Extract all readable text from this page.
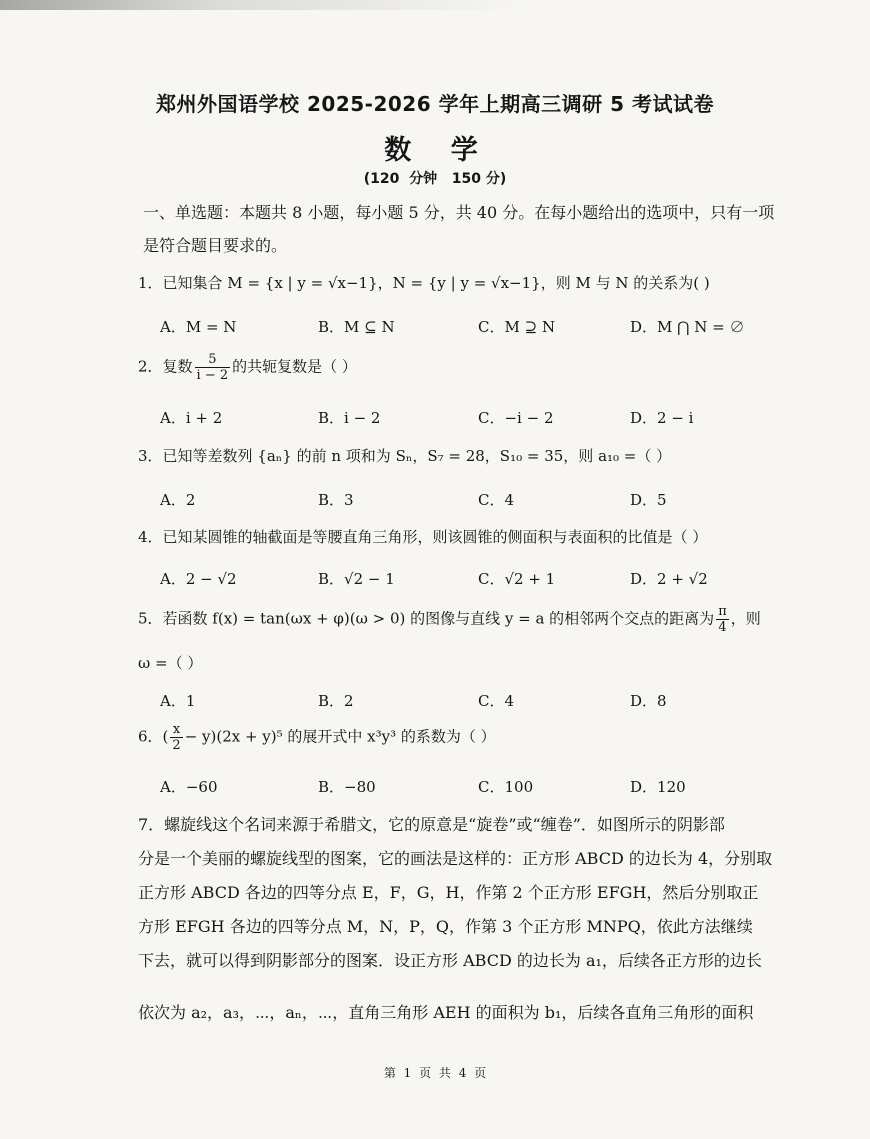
郑州外国语学校 2025-2026 学年上期高三调研 5 考试试卷
数 学
(120  分钟   150 分)
一、单选题：本题共 8 小题，每小题 5 分，共 40 分。在每小题给出的选项中，只有一项是符合题目要求的。
1．已知集合 M = {x | y = √x−1}，N = {y | y = √x−1}，则 M 与 N 的关系为( )
A．M = N	B．M ⊆ N	C．M ⊇ N	D．M ⋂ N = ∅
2．复数 $\frac{5}{i - 2}$ 的共轭复数是（ ）
A．i + 2	B．i − 2	C．−i − 2	D．2 − i
3．已知等差数列 {aₙ} 的前 n 项和为 Sₙ，S₇ = 28，S₁₀ = 35，则 a₁₀ =（ ）
A．2	B．3	C．4	D．5
4．已知某圆锥的轴截面是等腰直角三角形，则该圆锥的侧面积与表面积的比值是（ ）
A．2 − √2	B．√2 − 1	C．√2 + 1	D．2 + √2
5．若函数 f(x) = tan(ωx + φ)(ω > 0) 的图像与直线 y = a 的相邻两个交点的距离为 $\frac{\pi}{4}$ ，则
ω =（ ）
A．1	B．2	C．4	D．8
6．( $\frac{x}{2} - y)(2x + y)^5$ 的展开式中 x³y³ 的系数为（ ）
A．−60	B．−80	C．100	D．120
7．螺旋线这个名词来源于希腊文，它的原意是“旋卷”或“缠卷”．如图所示的阴影部
分是一个美丽的螺旋线型的图案，它的画法是这样的：正方形 ABCD 的边长为 4，分别取
正方形 ABCD 各边的四等分点 E，F，G，H，作第 2 个正方形 EFGH，然后分别取正
方形 EFGH 各边的四等分点 M，N，P，Q，作第 3 个正方形 MNPQ，依此方法继续
下去，就可以得到阴影部分的图案．设正方形 ABCD 的边长为 a₁，后续各正方形的边长
依次为 a₂，a₃，⋯，aₙ，⋯，直角三角形 AEH 的面积为 b₁，后续各直角三角形的面积
第 1 页 共 4 页
